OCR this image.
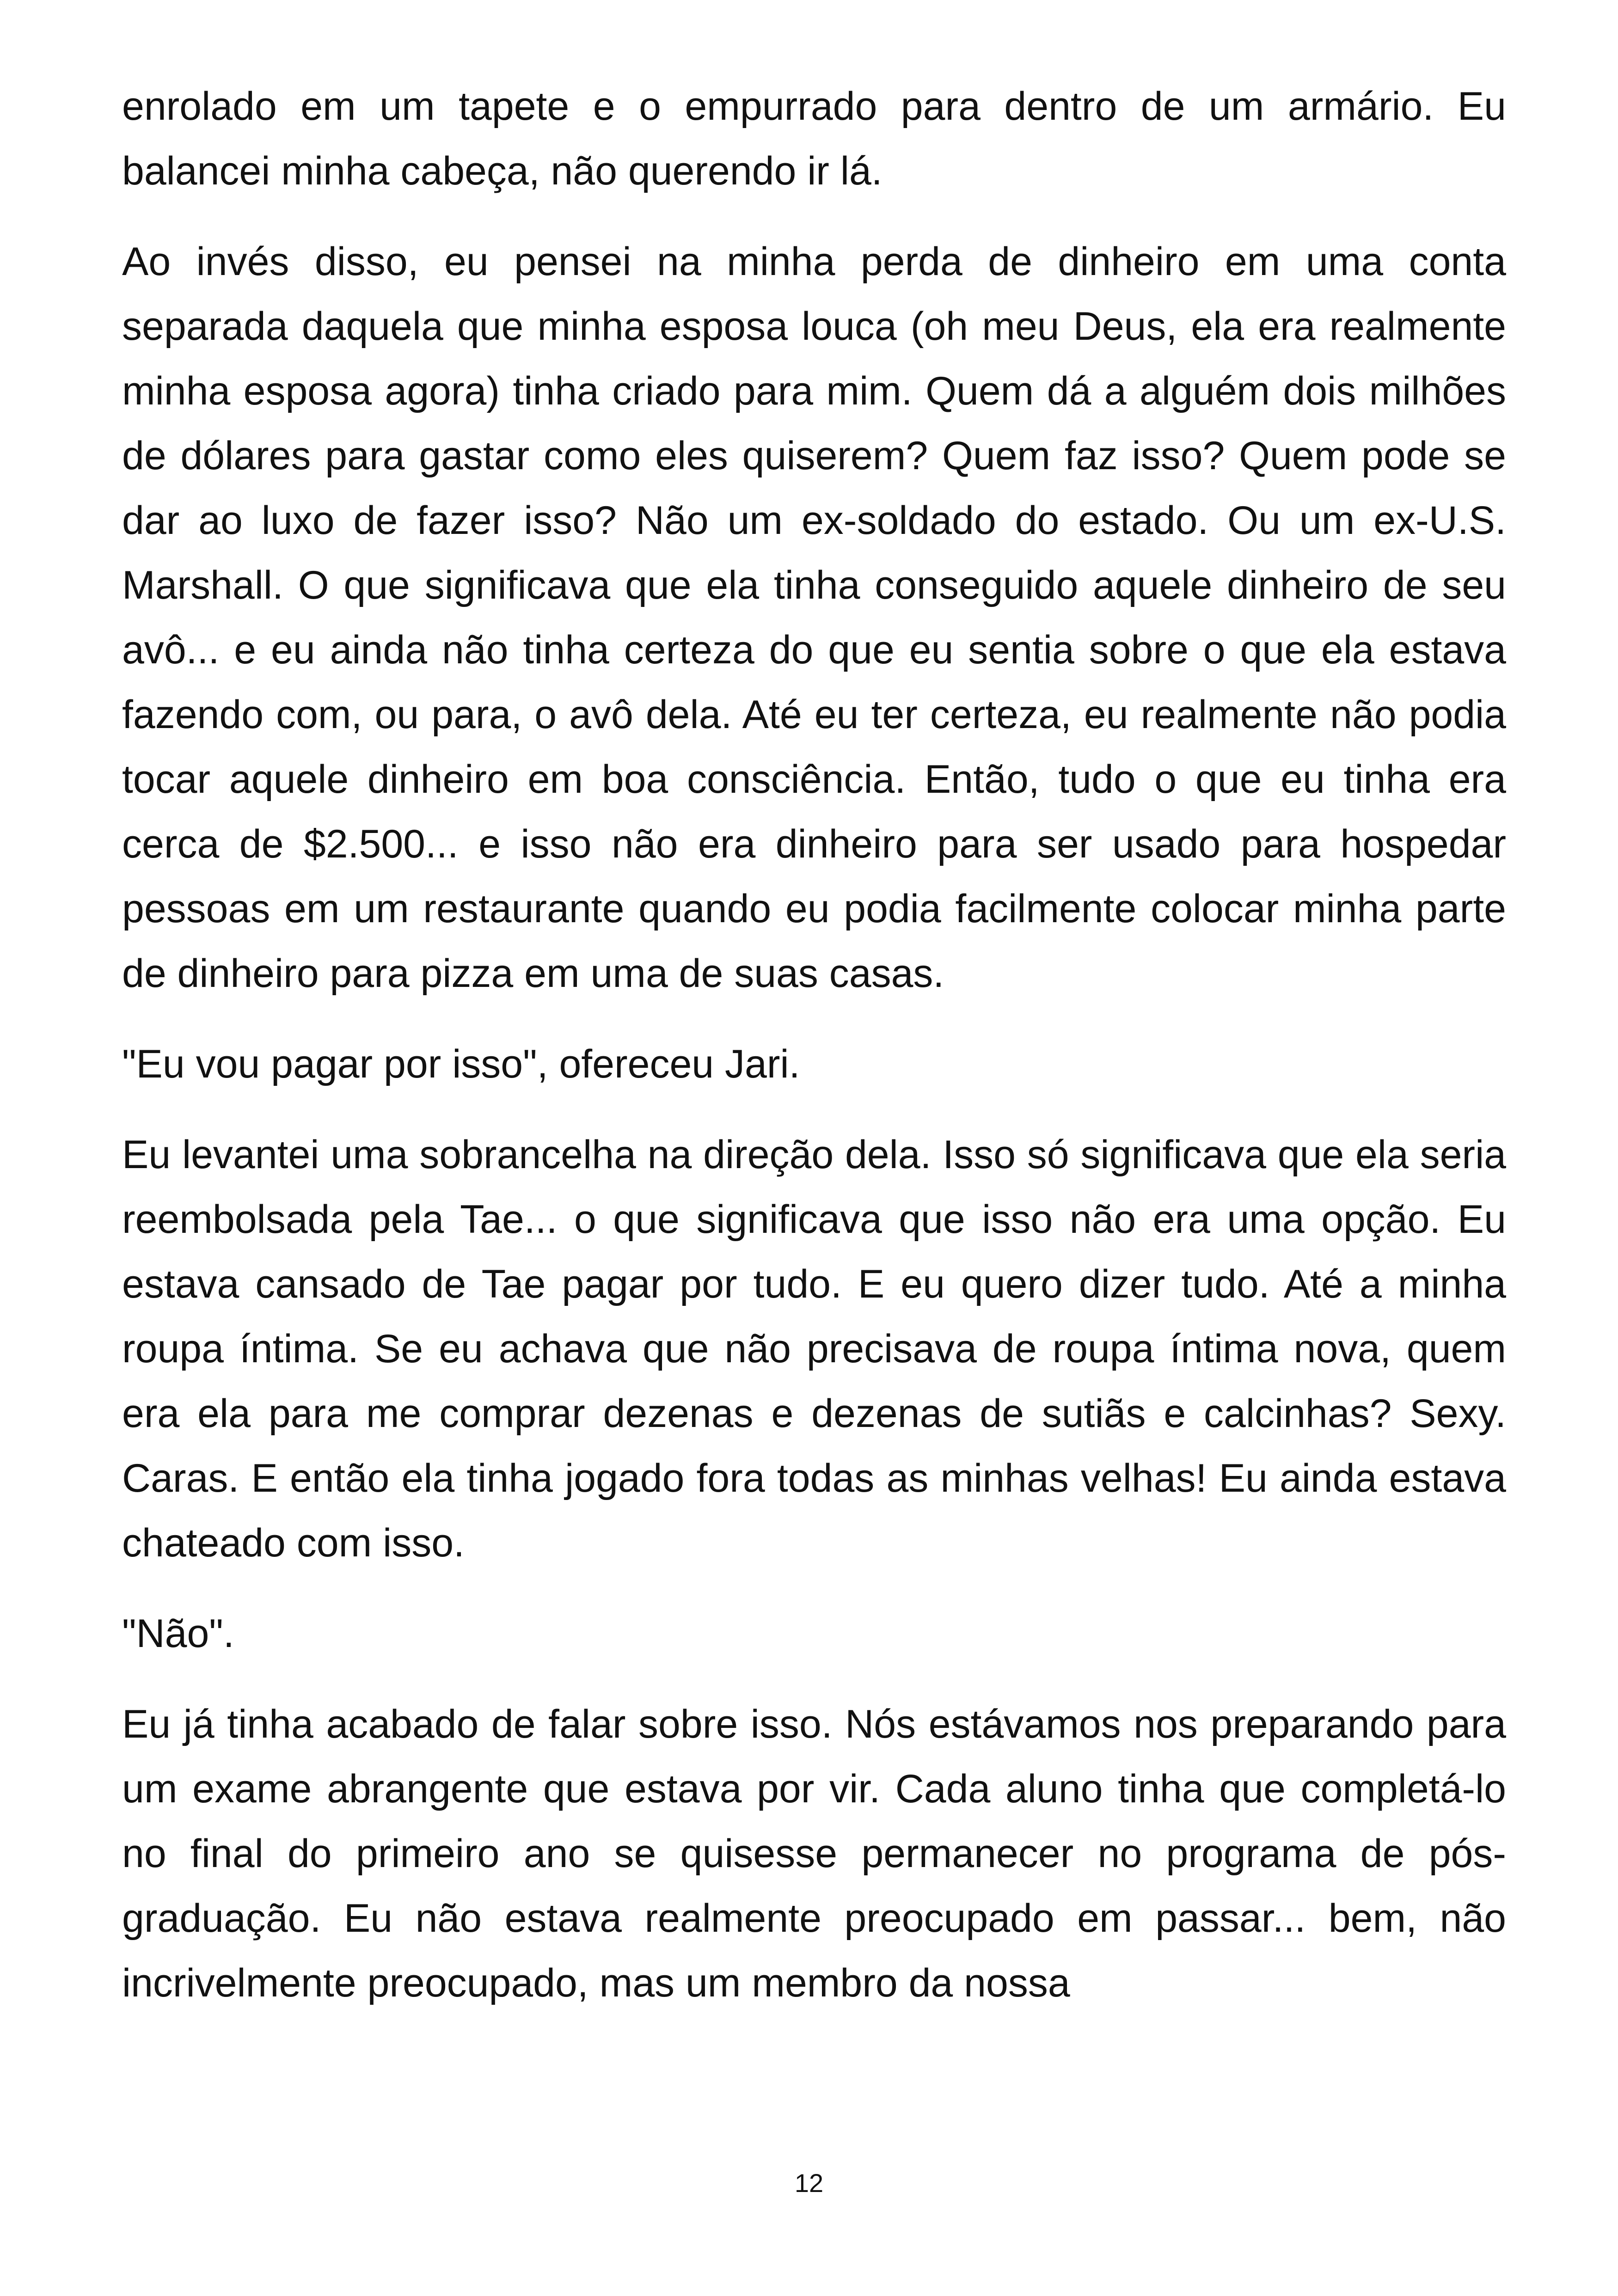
enrolado em um tapete e o empurrado para dentro de um armário. Eu balancei minha cabeça, não querendo ir lá.

Ao invés disso, eu pensei na minha perda de dinheiro em uma conta separada daquela que minha esposa louca (oh meu Deus, ela era realmente minha esposa agora) tinha criado para mim. Quem dá a alguém dois milhões de dólares para gastar como eles quiserem? Quem faz isso? Quem pode se dar ao luxo de fazer isso? Não um ex-soldado do estado. Ou um ex-U.S. Marshall. O que significava que ela tinha conseguido aquele dinheiro de seu avô... e eu ainda não tinha certeza do que eu sentia sobre o que ela estava fazendo com, ou para, o avô dela. Até eu ter certeza, eu realmente não podia tocar aquele dinheiro em boa consciência. Então, tudo o que eu tinha era cerca de $2.500... e isso não era dinheiro para ser usado para hospedar pessoas em um restaurante quando eu podia facilmente colocar minha parte de dinheiro para pizza em uma de suas casas.

"Eu vou pagar por isso", ofereceu Jari.

Eu levantei uma sobrancelha na direção dela. Isso só significava que ela seria reembolsada pela Tae... o que significava que isso não era uma opção. Eu estava cansado de Tae pagar por tudo. E eu quero dizer tudo. Até a minha roupa íntima. Se eu achava que não precisava de roupa íntima nova, quem era ela para me comprar dezenas e dezenas de sutiãs e calcinhas? Sexy. Caras. E então ela tinha jogado fora todas as minhas velhas! Eu ainda estava chateado com isso.

"Não".

Eu já tinha acabado de falar sobre isso. Nós estávamos nos preparando para um exame abrangente que estava por vir. Cada aluno tinha que completá-lo no final do primeiro ano se quisesse permanecer no programa de pós-graduação. Eu não estava realmente preocupado em passar... bem, não incrivelmente preocupado, mas um membro da nossa

12
